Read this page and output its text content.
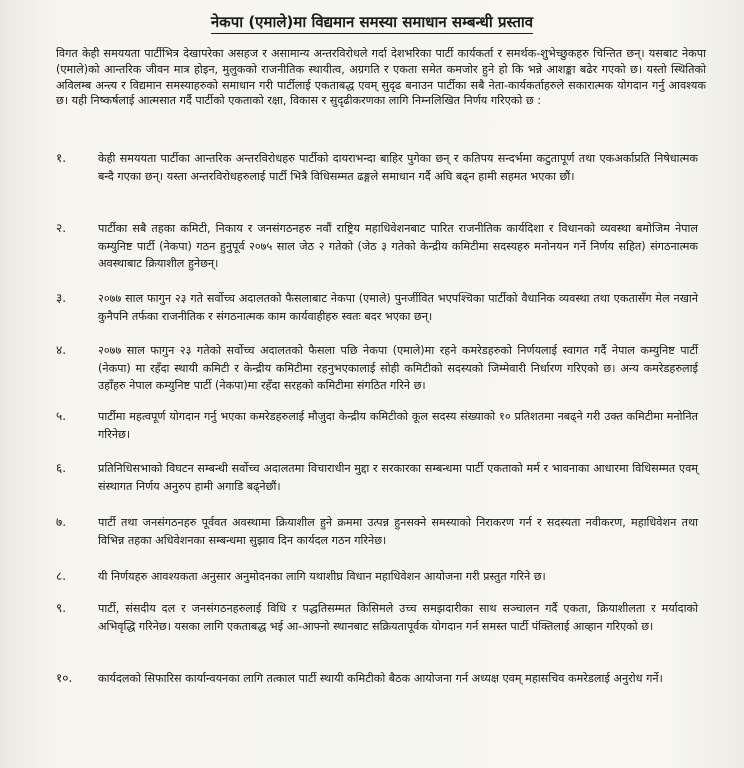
नेकपा (एमाले)मा विद्यमान समस्या समाधान सम्बन्धी प्रस्ताव
विगत केही समययता पार्टीभित्र देखापरेका असहज र असामान्य अन्तरविरोधले गर्दा देशभरिका पार्टी कार्यकर्ता र समर्थक-शुभेच्छुकहरु चिन्तित छन्। यसबाट नेकपा (एमाले)को आन्तरिक जीवन मात्र होइन, मुलुकको राजनीतिक स्थायीत्व, अग्रगति र एकता समेत कमजोर हुने हो कि भन्ने आशङ्का बढेर गएको छ। यस्तो स्थितिको अविलम्ब अन्त्य र विद्यमान समस्याहरुको समाधान गरी पार्टीलाई एकताबद्ध एवम् सुदृढ बनाउन पार्टीका सबै नेता-कार्यकर्ताहरुले सकारात्मक योगदान गर्नु आवश्यक छ। यही निष्कर्षलाई आत्मसात गर्दै पार्टीको एकताको रक्षा, विकास र सुदृढीकरणका लागि निम्नलिखित निर्णय गरिएको छ :
१.	केही समययता पार्टीका आन्तरिक अन्तरविरोधहरु पार्टीको दायराभन्दा बाहिर पुगेका छन् र कतिपय सन्दर्भमा कटुतापूर्ण तथा एकअर्काप्रति निषेधात्मक बन्दै गएका छन्। यस्ता अन्तरविरोधहरुलाई पार्टी भित्रै विधिसम्मत ढङ्गले समाधान गर्दै अघि बढ्न हामी सहमत भएका छौं।
२.	पार्टीका सबै तहका कमिटी, निकाय र जनसंगठनहरु नवौं राष्ट्रिय महाधिवेशनबाट पारित राजनीतिक कार्यदिशा र विधानको व्यवस्था बमोजिम नेपाल कम्युनिष्ट पार्टी (नेकपा) गठन हुनुपूर्व २०७५ साल जेठ २ गतेको (जेठ ३ गतेको केन्द्रीय कमिटीमा सदस्यहरु मनोनयन गर्ने निर्णय सहित) संगठनात्मक अवस्थाबाट क्रियाशील हुनेछन्।
३.	२०७७ साल फागुन २३ गते सर्वोच्च अदालतको फैसलाबाट नेकपा (एमाले) पुनर्जीवित भएपश्चिका पार्टीको वैधानिक व्यवस्था तथा एकतासँग मेल नखाने कुनैपनि तर्फका राजनीतिक र संगठनात्मक काम कार्यवाहीहरु स्वतः बदर भएका छन्।
४.	२०७७ साल फागुन २३ गतेको सर्वोच्च अदालतको फैसला पछि नेकपा (एमाले)मा रहने कमरेडहरुको निर्णयलाई स्वागत गर्दै नेपाल कम्युनिष्ट पार्टी (नेकपा) मा रहँदा स्थायी कमिटी र केन्द्रीय कमिटीमा रहनुभएकालाई सोही कमिटीको सदस्यको जिम्मेवारी निर्धारण गरिएको छ। अन्य कमरेडहरुलाई उहाँहरु नेपाल कम्युनिष्ट पार्टी (नेकपा)मा रहँदा सरहको कमिटीमा संगठित गरिने छ।
५.	पार्टीमा महत्वपूर्ण योगदान गर्नु भएका कमरेडहरुलाई मौजुदा केन्द्रीय कमिटीको कूल सदस्य संख्याको १० प्रतिशतमा नबढ्ने गरी उक्त कमिटीमा मनोनित गरिनेछ।
६.	प्रतिनिधिसभाको विघटन सम्बन्धी सर्वोच्च अदालतमा विचाराधीन मुद्दा र सरकारका सम्बन्धमा पार्टी एकताको मर्म र भावनाका आधारमा विधिसम्मत एवम् संस्थागत निर्णय अनुरुप हामी अगाडि बढ्नेछौं।
७.	पार्टी तथा जनसंगठनहरु पूर्ववत अवस्थामा क्रियाशील हुने क्रममा उत्पन्न हुनसक्ने समस्याको निराकरण गर्न र सदस्यता नवीकरण, महाधिवेशन तथा विभिन्न तहका अधिवेशनका सम्बन्धमा सुझाव दिन कार्यदल गठन गरिनेछ।
८.	यी निर्णयहरु आवश्यकता अनुसार अनुमोदनका लागि यथाशीघ्र विधान महाधिवेशन आयोजना गरी प्रस्तुत गरिने छ।
९.	पार्टी, संसदीय दल र जनसंगठनहरुलाई विधि र पद्धतिसम्मत किसिमले उच्च समझदारीका साथ सञ्चालन गर्दै एकता, क्रियाशीलता र मर्यादाको अभिवृद्धि गरिनेछ। यसका लागि एकताबद्ध भई आ-आफ्नो स्थानबाट सक्रियतापूर्वक योगदान गर्न समस्त पार्टी पंक्तिलाई आव्हान गरिएको छ।
१०.	कार्यदलको सिफारिस कार्यान्वयनका लागि तत्काल पार्टी स्थायी कमिटीको बैठक आयोजना गर्न अध्यक्ष एवम् महासचिव कमरेडलाई अनुरोध गर्ने।
